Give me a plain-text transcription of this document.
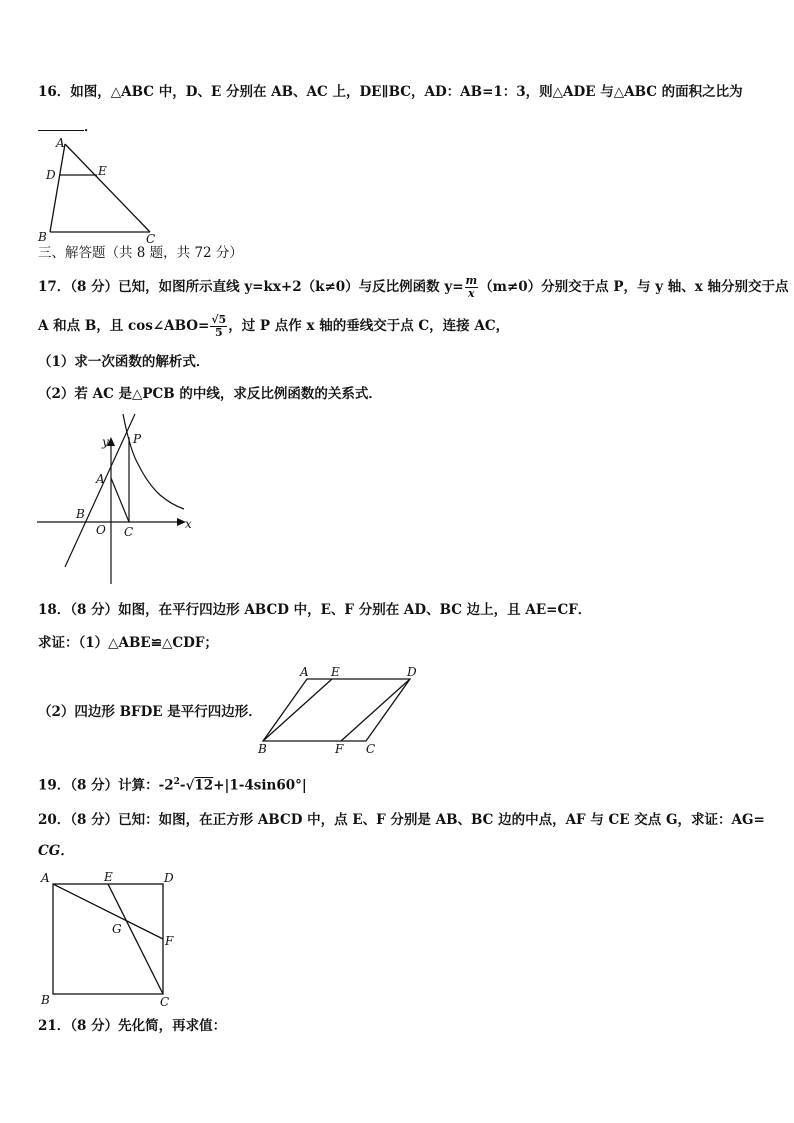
16．如图，△ABC 中，D、E 分别在 AB、AC 上，DE∥BC，AD：AB=1：3，则△ADE 与△ABC 的面积之比为
．
A
D	E
B	C
三、解答题（共 8 题，共 72 分）
17．（8 分）已知，如图所示直线 y=kx+2（k≠0）与反比例函数 $y= \frac{m}{x} (m\ne 0)$分别交于点 P，与 y 轴、x 轴分别交于点
A 和点 B，且 cos∠ABO= $\frac{√5}{5}$ ，过 P 点作 x 轴的垂线交于点 C，连接 AC，
（1）求一次函数的解析式．
（2）若 AC 是△PCB 的中线，求反比例函数的关系式．
y P
A
B
O C
x
18．（8 分）如图，在平行四边形 ABCD 中，E、F 分别在 AD、BC 边上，且 AE=CF．
求证：（1）△ABE≌△CDF；
（2）四边形 BFDE 是平行四边形．
A E	D
B	F C
19．（8 分）计算：$-2^2-√12+|1-4\sin 60^\circ|$
20．（8 分）已知：如图，在正方形 ABCD 中，点 E、F 分别是 AB、BC 边的中点，AF 与 CE 交点 G，求证：AG=
CG．
A	E	D
G
F
B	C
21．（8 分）先化简，再求值：
